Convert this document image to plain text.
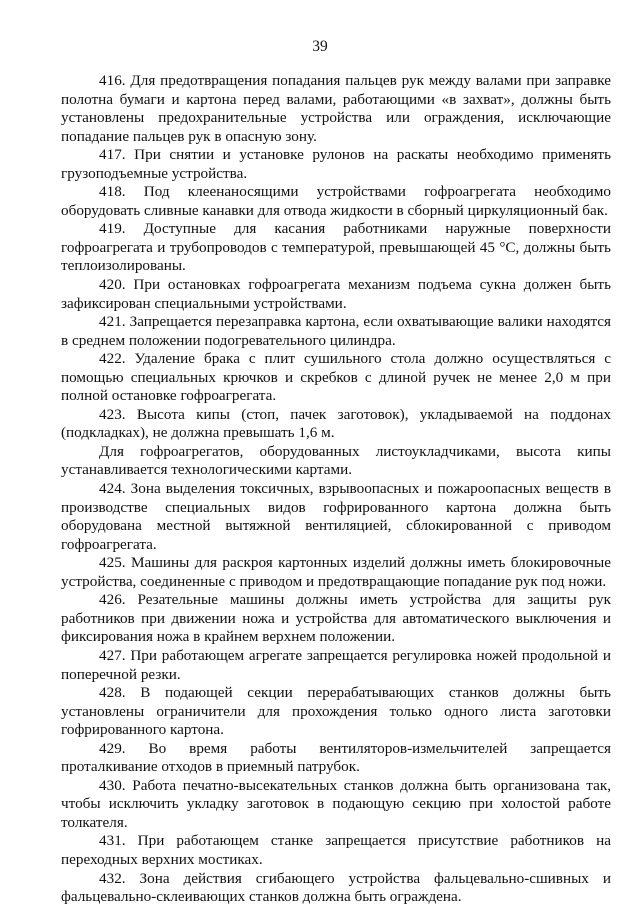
39

416. Для предотвращения попадания пальцев рук между валами при заправке полотна бумаги и картона перед валами, работающими «в захват», должны быть установлены предохранительные устройства или ограждения, исключающие попадание пальцев рук в опасную зону.

417. При снятии и установке рулонов на раскаты необходимо применять грузоподъемные устройства.

418. Под клеенаносящими устройствами гофроагрегата необходимо оборудовать сливные канавки для отвода жидкости в сборный циркуляционный бак.

419. Доступные для касания работниками наружные поверхности гофроагрегата и трубопроводов с температурой, превышающей 45 °С, должны быть теплоизолированы.

420. При остановках гофроагрегата механизм подъема сукна должен быть зафиксирован специальными устройствами.

421. Запрещается перезаправка картона, если охватывающие валики находятся в среднем положении подогревательного цилиндра.

422. Удаление брака с плит сушильного стола должно осуществляться с помощью специальных крючков и скребков с длиной ручек не менее 2,0 м при полной остановке гофроагрегата.

423. Высота кипы (стоп, пачек заготовок), укладываемой на поддонах (подкладках), не должна превышать 1,6 м.

Для гофроагрегатов, оборудованных листоукладчиками, высота кипы устанавливается технологическими картами.

424. Зона выделения токсичных, взрывоопасных и пожароопасных веществ в производстве специальных видов гофрированного картона должна быть оборудована местной вытяжной вентиляцией, сблокированной с приводом гофроагрегата.

425. Машины для раскроя картонных изделий должны иметь блокировочные устройства, соединенные с приводом и предотвращающие попадание рук под ножи.

426. Резательные машины должны иметь устройства для защиты рук работников при движении ножа и устройства для автоматического выключения и фиксирования ножа в крайнем верхнем положении.

427. При работающем агрегате запрещается регулировка ножей продольной и поперечной резки.

428. В подающей секции перерабатывающих станков должны быть установлены ограничители для прохождения только одного листа заготовки гофрированного картона.

429. Во время работы вентиляторов-измельчителей запрещается проталкивание отходов в приемный патрубок.

430. Работа печатно-высекательных станков должна быть организована так, чтобы исключить укладку заготовок в подающую секцию при холостой работе толкателя.

431. При работающем станке запрещается присутствие работников на переходных верхних мостиках.

432. Зона действия сгибающего устройства фальцевально-сшивных и фальцевально-склеивающих станков должна быть ограждена.
